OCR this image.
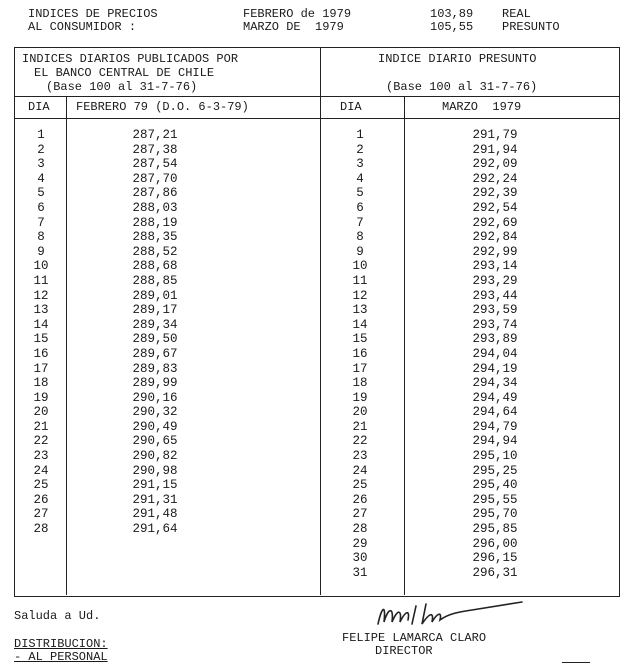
INDICES DE PRECIOS
AL CONSUMIDOR :
FEBRERO de 1979
MARZO DE  1979
103,89
105,55
REAL
PRESUNTO
INDICES DIARIOS PUBLICADOS POR
EL BANCO CENTRAL DE CHILE
(Base 100 al 31-7-76)
DIA FEBRERO 79 (D.O. 6-3-79)
INDICE DIARIO PRESUNTO
(Base 100 al 31-7-76)
DIA	MARZO  1979
1
2
3
4
5
6
7
8
9
10
11
12
13
14
15
16
17
18
19
20
21
22
23
24
25
26
27
28
287,21
287,38
287,54
287,70
287,86
288,03
288,19
288,35
288,52
288,68
288,85
289,01
289,17
289,34
289,50
289,67
289,83
289,99
290,16
290,32
290,49
290,65
290,82
290,98
291,15
291,31
291,48
291,64
1
2
3
4
5
6
7
8
9
10
11
12
13
14
15
16
17
18
19
20
21
22
23
24
25
26
27
28
29
30
31
291,79
291,94
292,09
292,24
292,39
292,54
292,69
292,84
292,99
293,14
293,29
293,44
293,59
293,74
293,89
294,04
294,19
294,34
294,49
294,64
294,79
294,94
295,10
295,25
295,40
295,55
295,70
295,85
296,00
296,15
296,31
Saluda a Ud.
DISTRIBUCION:
- AL PERSONAL
FELIPE LAMARCA CLARO
DIRECTOR
